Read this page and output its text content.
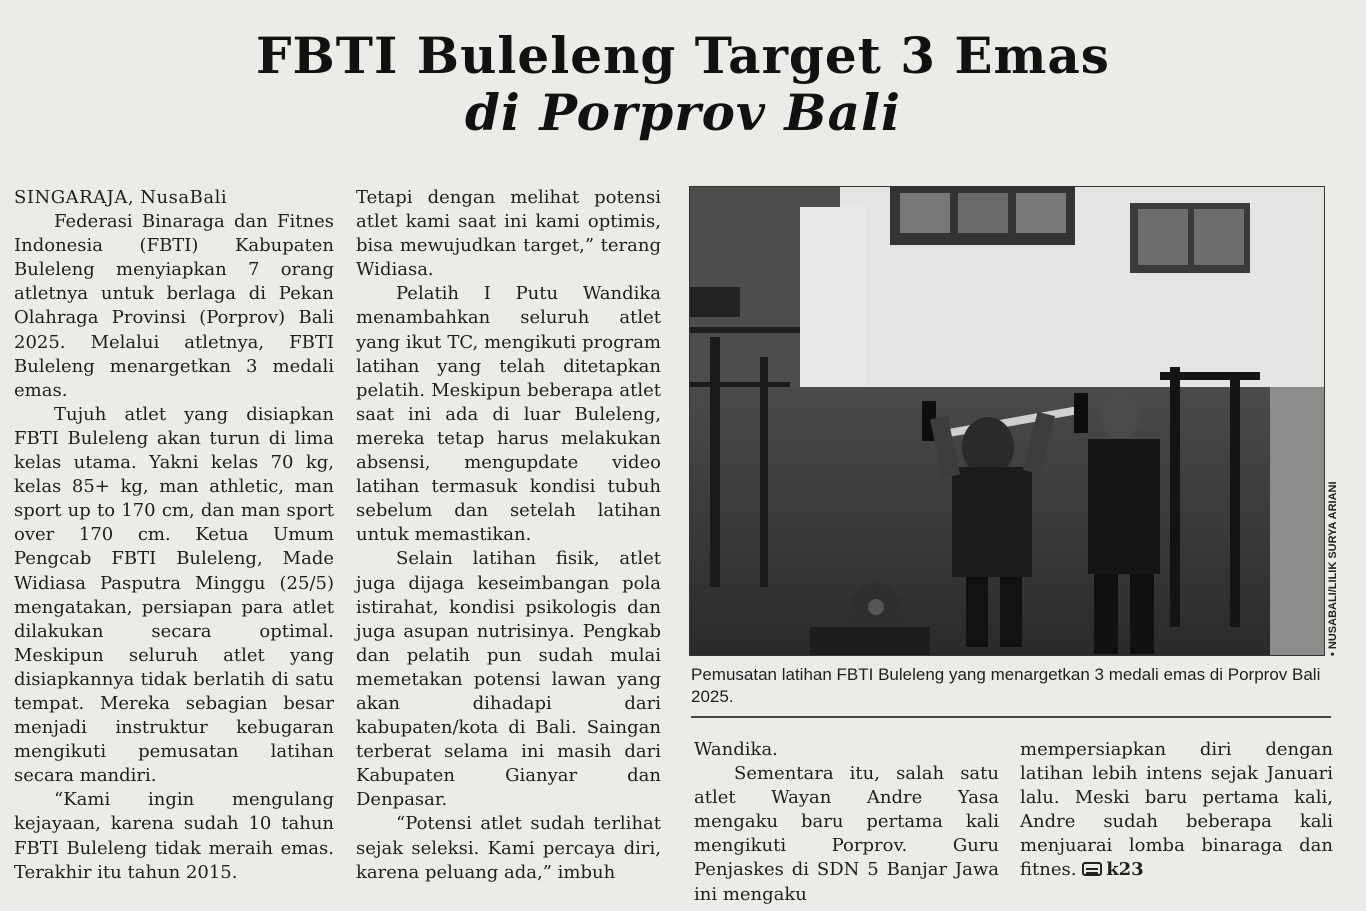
FBTI Buleleng Target 3 Emas
di Porprov Bali

SINGARAJA, NusaBali

Federasi Binaraga dan Fitnes Indonesia (FBTI) Kabupaten Buleleng menyiapkan 7 orang atletnya untuk berlaga di Pekan Olahraga Provinsi (Porprov) Bali 2025. Melalui atletnya, FBTI Buleleng menargetkan 3 medali emas.

Tujuh atlet yang disiapkan FBTI Buleleng akan turun di lima kelas utama. Yakni kelas 70 kg, kelas 85+ kg, man athletic, man sport up to 170 cm, dan man sport over 170 cm. Ketua Umum Pengcab FBTI Buleleng, Made Widiasa Pasputra Minggu (25/5) mengatakan, persiapan para atlet dilakukan secara optimal. Meskipun seluruh atlet yang disiapkannya tidak berlatih di satu tempat. Mereka sebagian besar menjadi instruktur kebugaran mengikuti pemusatan latihan secara mandiri.

“Kami ingin mengulang kejayaan, karena sudah 10 tahun FBTI Buleleng tidak meraih emas. Terakhir itu tahun 2015.

Tetapi dengan melihat potensi atlet kami saat ini kami optimis, bisa mewujudkan target,” terang Widiasa.

Pelatih I Putu Wandika menambahkan seluruh atlet yang ikut TC, mengikuti program latihan yang telah ditetapkan pelatih. Meskipun beberapa atlet saat ini ada di luar Buleleng, mereka tetap harus melakukan absensi, mengupdate video latihan termasuk kondisi tubuh sebelum dan setelah latihan untuk memastikan.

Selain latihan fisik, atlet juga dijaga keseimbangan pola istirahat, kondisi psikologis dan juga asupan nutrisinya. Pengkab dan pelatih pun sudah mulai memetakan potensi lawan yang akan dihadapi dari kabupaten/kota di Bali. Saingan terberat selama ini masih dari Kabupaten Gianyar dan Denpasar.

“Potensi atlet sudah terlihat sejak seleksi. Kami percaya diri, karena peluang ada,” imbuh

• NUSABALI/LILIK SURYA ARIANI
Pemusatan latihan FBTI Buleleng yang menargetkan 3 medali emas di Porprov Bali 2025.

Wandika.

Sementara itu, salah satu atlet Wayan Andre Yasa mengaku baru pertama kali mengikuti Porprov. Guru Penjaskes di SDN 5 Banjar Jawa ini mengaku

mempersiapkan diri dengan latihan lebih intens sejak Januari lalu. Meski baru pertama kali, Andre sudah beberapa kali menjuarai lomba binaraga dan fitnes. k23
